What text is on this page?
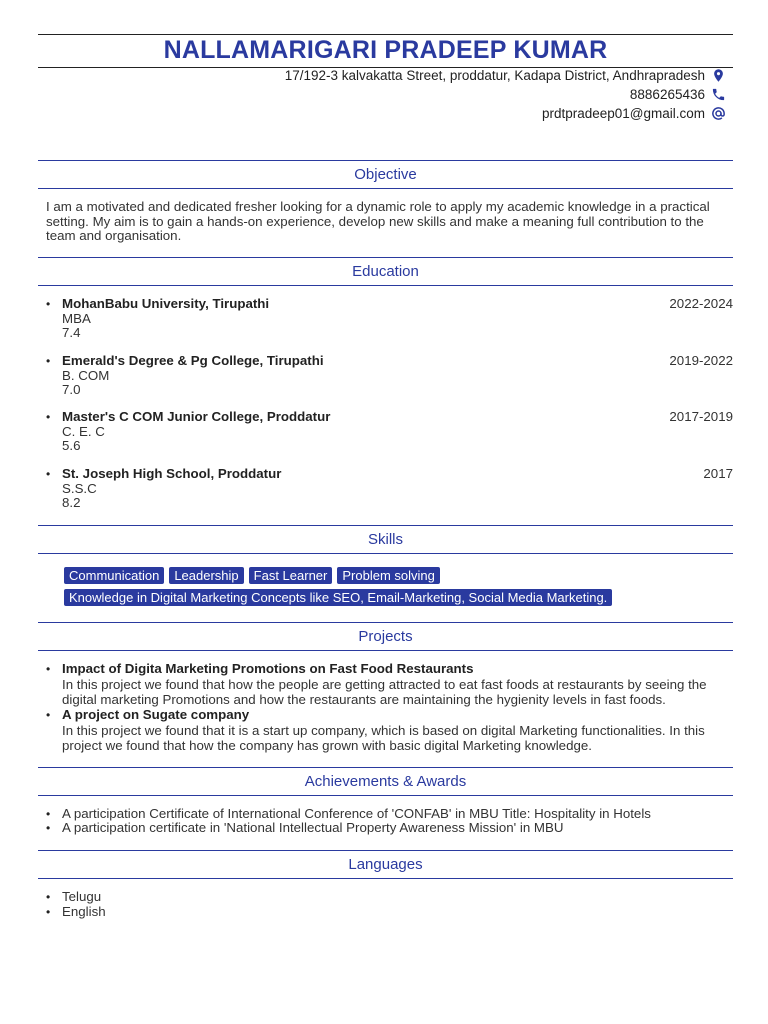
NALLAMARIGARI PRADEEP KUMAR
17/192-3 kalvakatta Street, proddatur, Kadapa District, Andhrapradesh
8886265436
prdtpradeep01@gmail.com
Objective
I am a motivated and dedicated fresher looking for a dynamic role to apply my academic knowledge in a practical setting. My aim is to gain a hands-on experience, develop new skills and make a meaning full contribution to the team and organisation.
Education
• MohanBabu University, Tirupathi
MBA
7.4
2022-2024
• Emerald's Degree & Pg College, Tirupathi
B. COM
7.0
2019-2022
• Master's C COM Junior College, Proddatur
C. E. C
5.6
2017-2019
• St. Joseph High School, Proddatur
S.S.C
8.2
2017
Skills
Communication	Leadership	Fast Learner	Problem solving
Knowledge in Digital Marketing Concepts like SEO, Email-Marketing, Social Media Marketing.
Projects
• Impact of Digita Marketing Promotions on Fast Food Restaurants
In this project we found that how the people are getting attracted to eat fast foods at restaurants by seeing the digital marketing Promotions and how the restaurants are maintaining the hygienity levels in fast foods.
• A project on Sugate company
In this project we found that it is a start up company, which is based on digital Marketing functionalities. In this project we found that how the company has grown with basic digital Marketing knowledge.
Achievements & Awards
• A participation Certificate of International Conference of 'CONFAB' in MBU Title: Hospitality in Hotels
• A participation certificate in 'National Intellectual Property Awareness Mission' in MBU
Languages
• Telugu
• English
